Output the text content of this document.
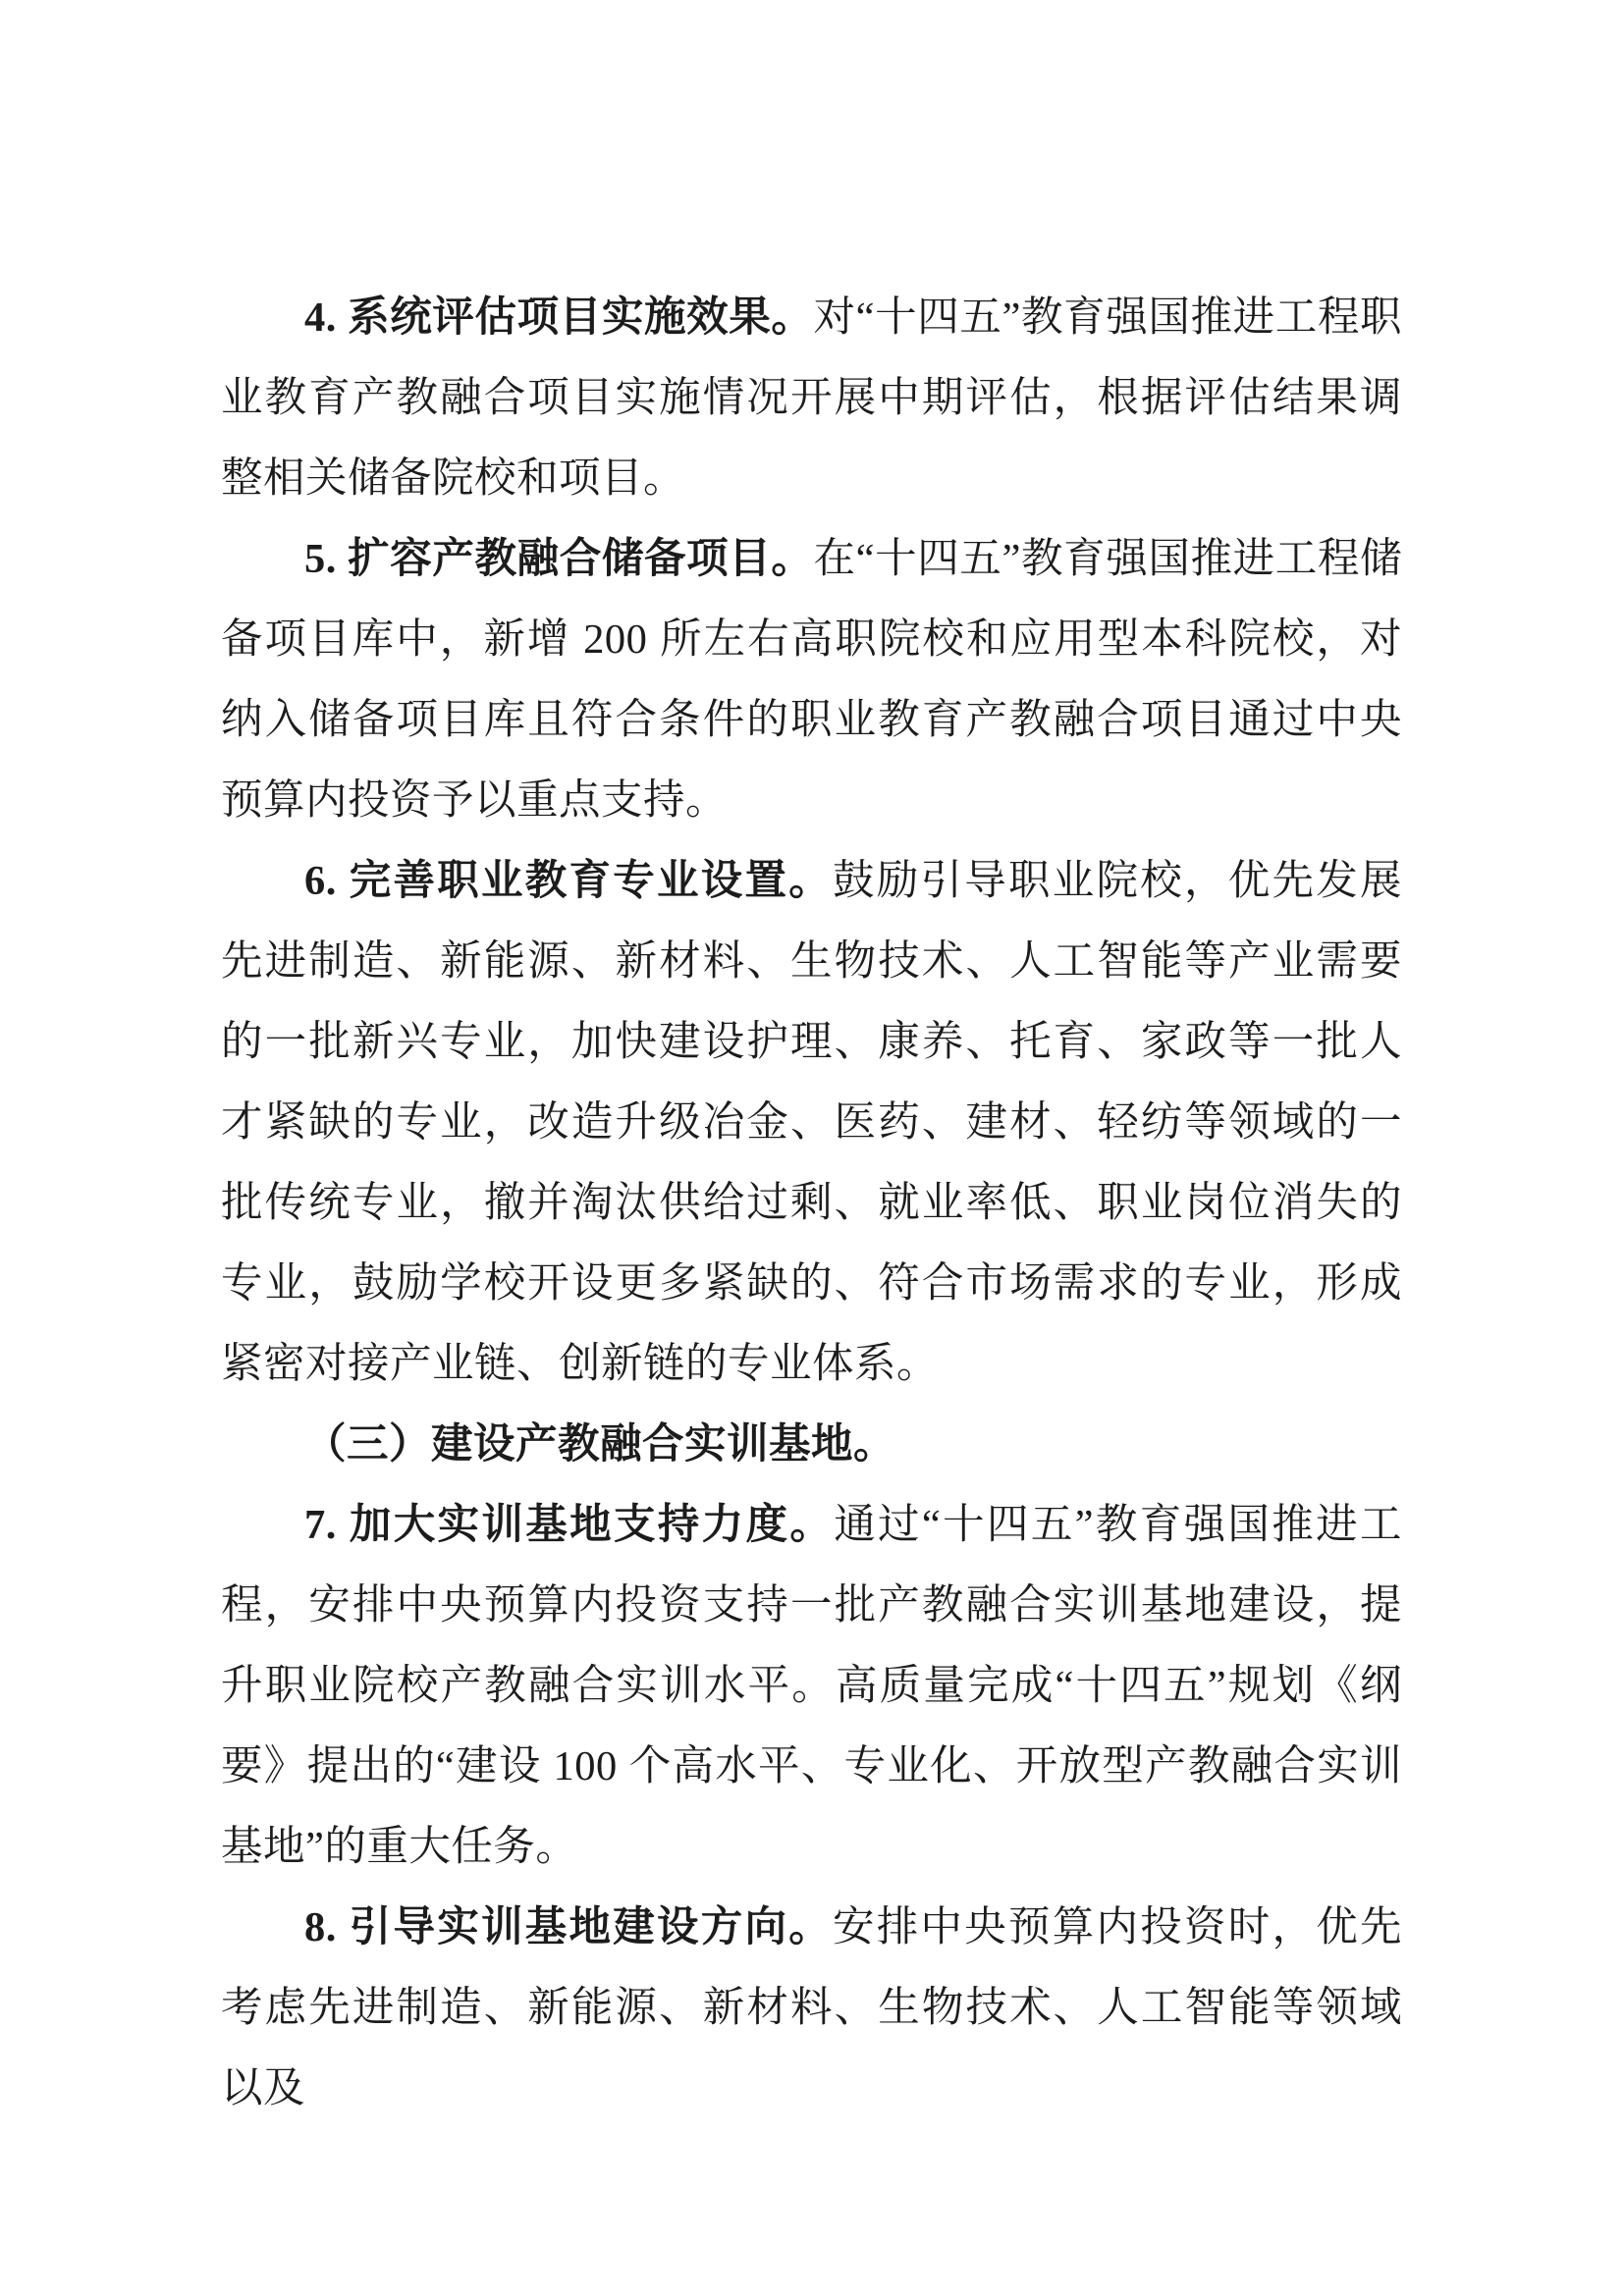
4. 系统评估项目实施效果。对“十四五”教育强国推进工程职业教育产教融合项目实施情况开展中期评估，根据评估结果调整相关储备院校和项目。

5. 扩容产教融合储备项目。在“十四五”教育强国推进工程储备项目库中，新增 200 所左右高职院校和应用型本科院校，对纳入储备项目库且符合条件的职业教育产教融合项目通过中央预算内投资予以重点支持。

6. 完善职业教育专业设置。鼓励引导职业院校，优先发展先进制造、新能源、新材料、生物技术、人工智能等产业需要的一批新兴专业，加快建设护理、康养、托育、家政等一批人才紧缺的专业，改造升级冶金、医药、建材、轻纺等领域的一批传统专业，撤并淘汰供给过剩、就业率低、职业岗位消失的专业，鼓励学校开设更多紧缺的、符合市场需求的专业，形成紧密对接产业链、创新链的专业体系。

（三）建设产教融合实训基地。

7. 加大实训基地支持力度。通过“十四五”教育强国推进工程，安排中央预算内投资支持一批产教融合实训基地建设，提升职业院校产教融合实训水平。高质量完成“十四五”规划《纲要》提出的“建设 100 个高水平、专业化、开放型产教融合实训基地”的重大任务。

8. 引导实训基地建设方向。安排中央预算内投资时，优先考虑先进制造、新能源、新材料、生物技术、人工智能等领域以及
